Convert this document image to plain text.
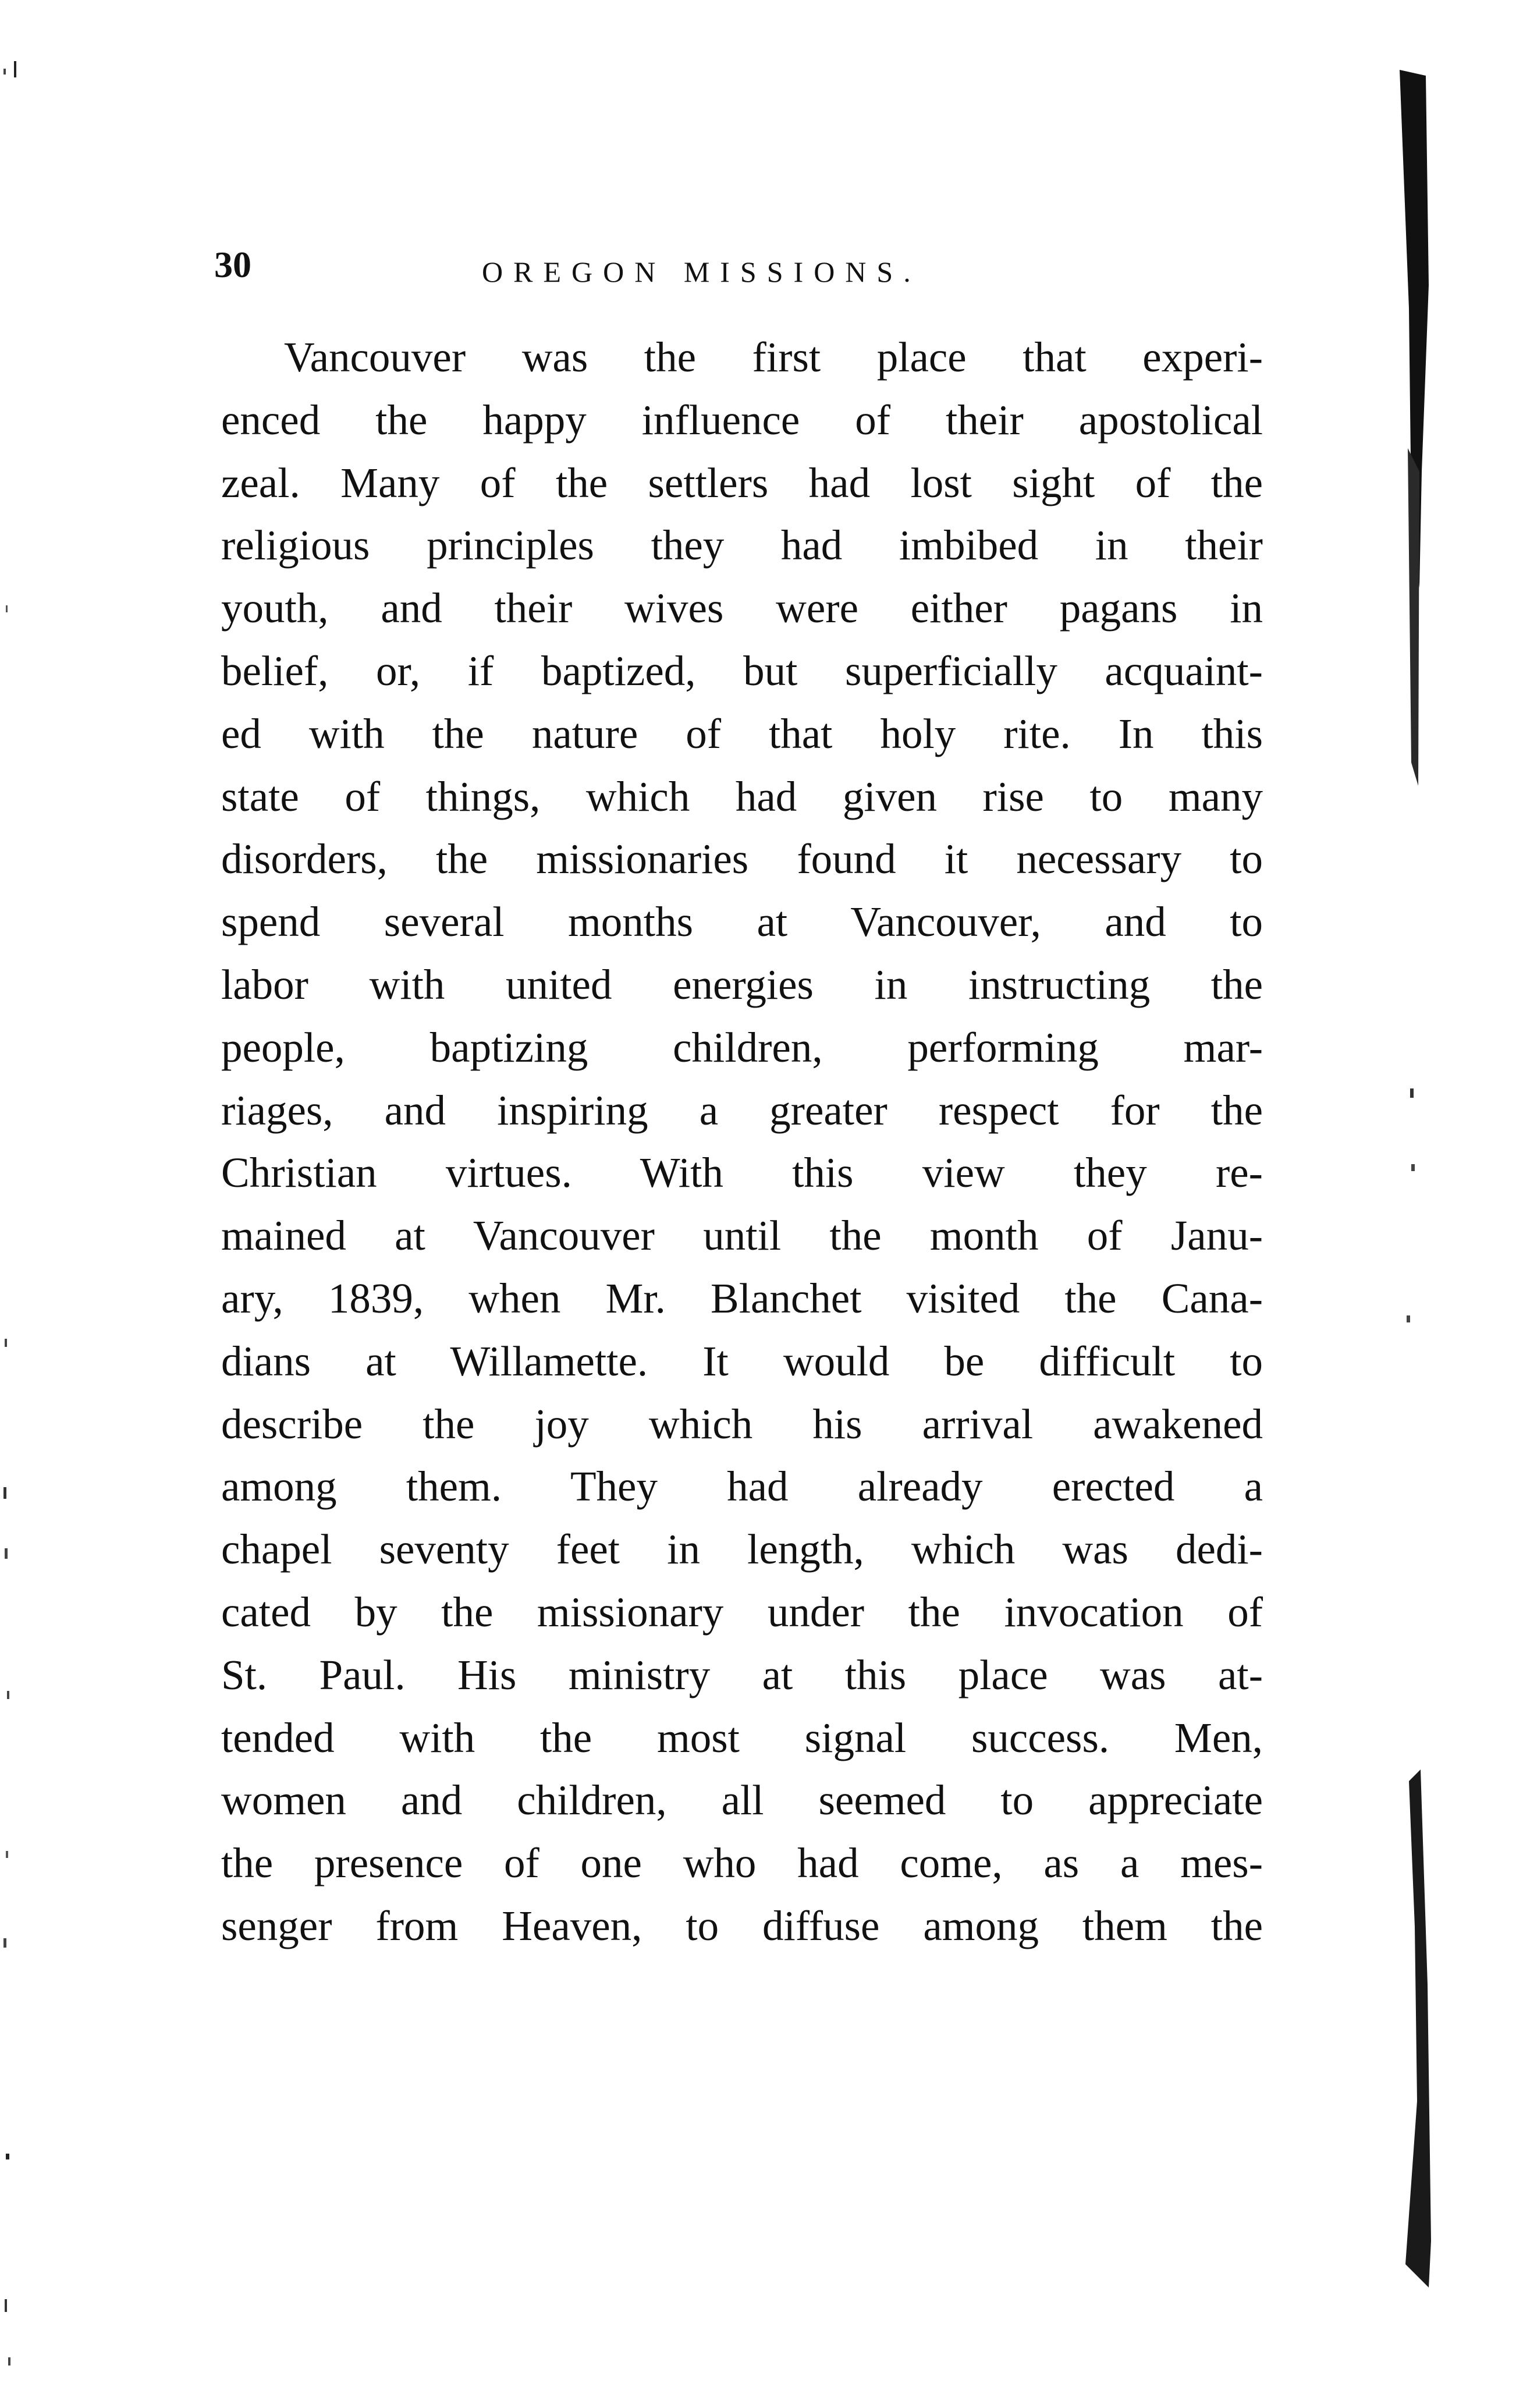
30	OREGON MISSIONS.
Vancouver was the first place that experi-
enced the happy influence of their apostolical
zeal. Many of the settlers had lost sight of the
religious principles they had imbibed in their
youth, and their wives were either pagans in
belief, or, if baptized, but superficially acquaint-
ed with the nature of that holy rite. In this
state of things, which had given rise to many
disorders, the missionaries found it necessary to
spend several months at Vancouver, and to
labor with united energies in instructing the
people, baptizing children, performing mar-
riages, and inspiring a greater respect for the
Christian virtues. With this view they re-
mained at Vancouver until the month of Janu-
ary, 1839, when Mr. Blanchet visited the Cana-
dians at Willamette. It would be difficult to
describe the joy which his arrival awakened
among them. They had already erected a
chapel seventy feet in length, which was dedi-
cated by the missionary under the invocation of
St. Paul. His ministry at this place was at-
tended with the most signal success. Men,
women and children, all seemed to appreciate
the presence of one who had come, as a mes-
senger from Heaven, to diffuse among them the
